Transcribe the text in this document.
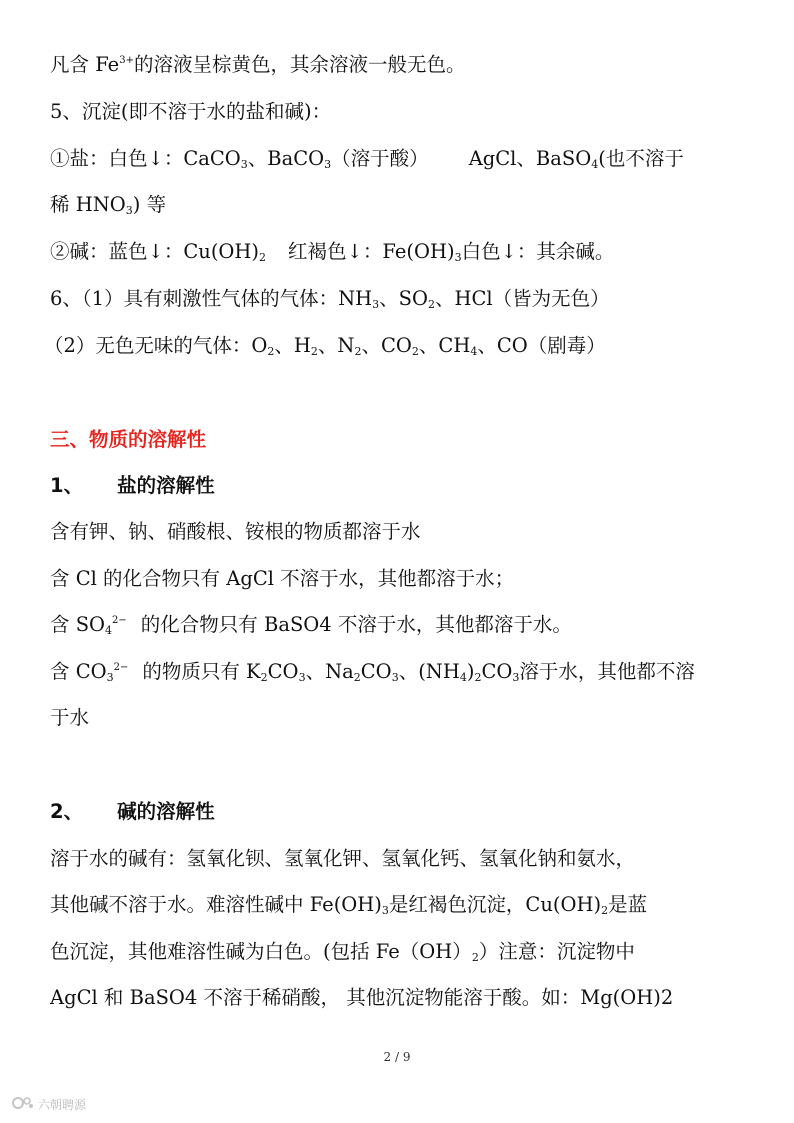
凡含 $Fe^{3+}$的溶液呈棕黄色，其余溶液一般无色。

5、沉淀(即不溶于水的盐和碱)：

①盐：白色↓：CaCO$_3$、BaCO$_3$（溶于酸） AgCl、BaSO$_4$(也不溶于

稀 $HNO_3$) 等

②碱：蓝色↓：$Cu(OH)_2$ 红褐色↓：$Fe(OH)_3$白色↓：其余碱。

6、（1）具有刺激性气体的气体：$NH_3$、$SO_2$、HCl（皆为无色）

（2）无色无味的气体：$O_2$、$H_2$、$N_2$、$CO_2$、$CH_4$、CO（剧毒）

三、物质的溶解性

1、 盐的溶解性

含有钾、钠、硝酸根、铵根的物质都溶于水

含 Cl 的化合物只有 AgCl 不溶于水，其他都溶于水；

含 $SO_4^{2-}$ 的化合物只有 BaSO4 不溶于水，其他都溶于水。

含 $CO_3^{2-}$ 的物质只有 $K_2CO_3$、$Na_2CO_3$、$(NH_4)_2CO_3$溶于水，其他都不溶

于水

2、 碱的溶解性

溶于水的碱有：氢氧化钡、氢氧化钾、氢氧化钙、氢氧化钠和氨水，

其他碱不溶于水。难溶性碱中 $Fe(OH)_3$是红褐色沉淀，$Cu(OH)_2$是蓝

色沉淀，其他难溶性碱为白色。(包括 $Fe(OH)_2$）注意：沉淀物中

AgCl 和 BaSO4 不溶于稀硝酸， 其他沉淀物能溶于酸。如：Mg(OH)2

2 / 9
六朝聘源
